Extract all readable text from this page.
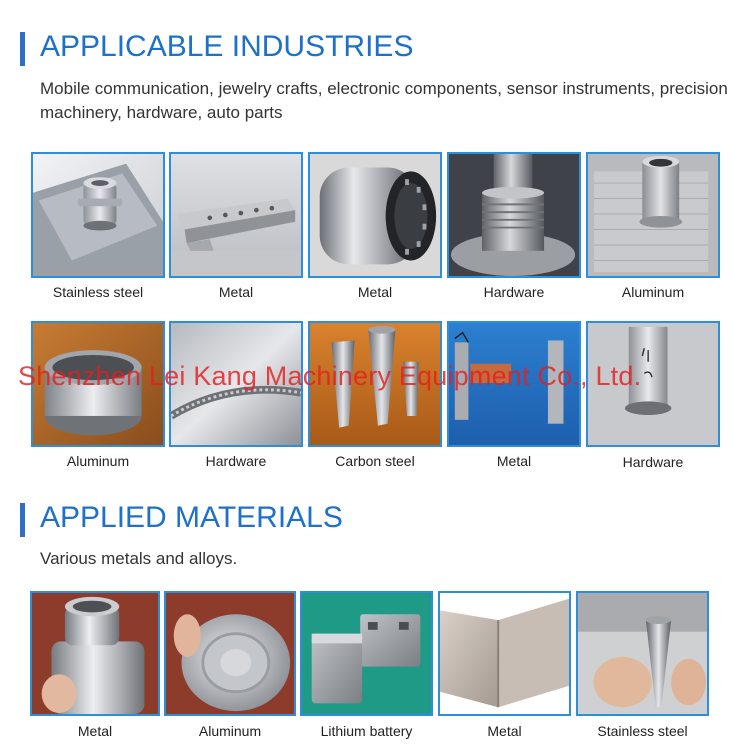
APPLICABLE INDUSTRIES
Mobile communication, jewelry crafts, electronic components, sensor instruments, precision machinery, hardware, auto parts
Stainless steel	Metal	Metal	Hardware	Aluminum
Aluminum	Hardware	Carbon steel	Metal	Hardware
Shenzhen Lei Kang Machinery Equipment Co., Ltd.
APPLIED MATERIALS
Various metals and alloys.
Metal	Aluminum	Lithium battery	Metal	Stainless steel
